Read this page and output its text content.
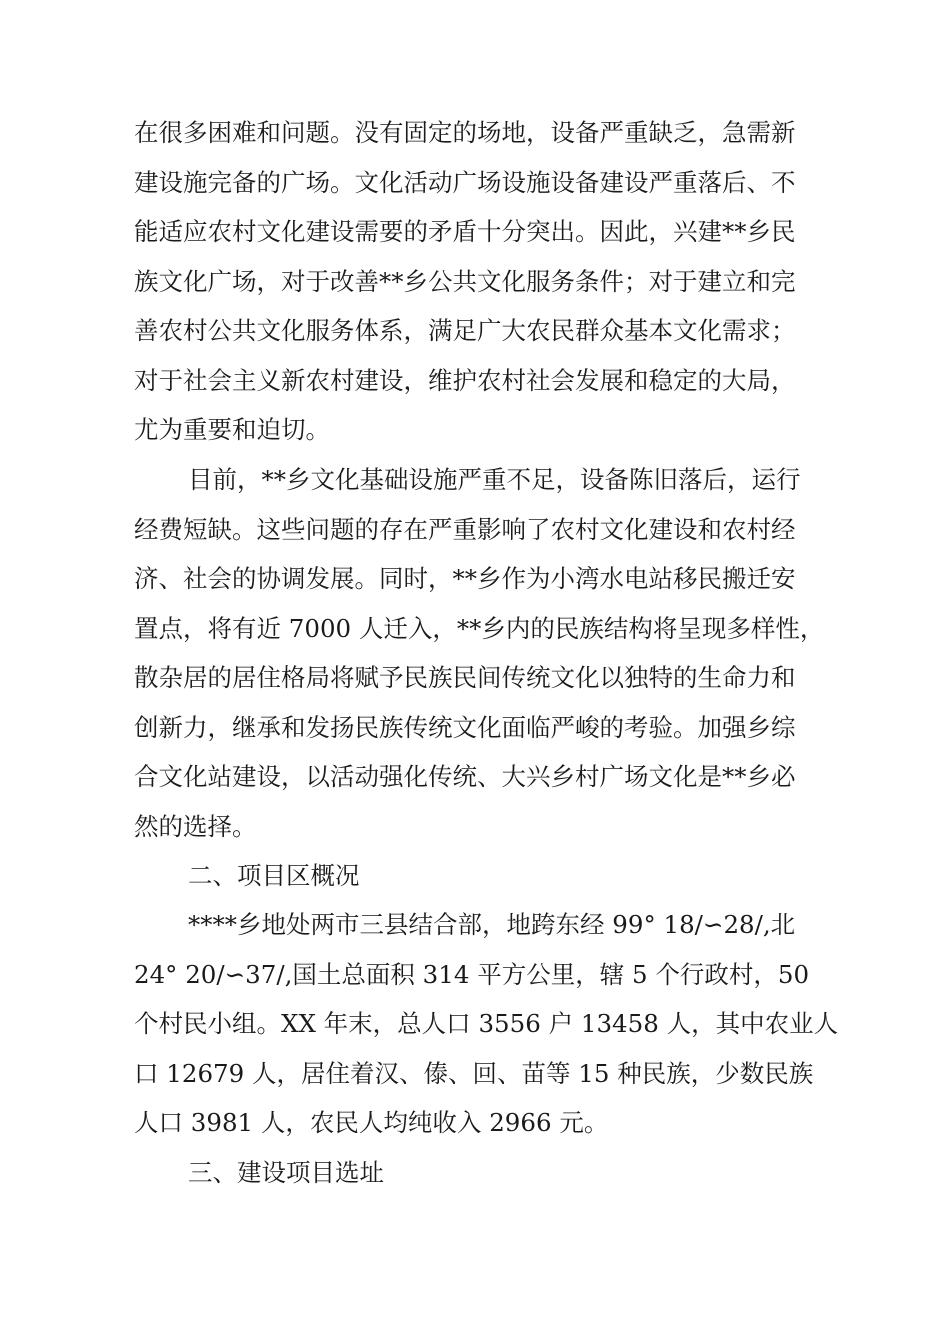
在很多困难和问题。没有固定的场地，设备严重缺乏，急需新
建设施完备的广场。文化活动广场设施设备建设严重落后、不
能适应农村文化建设需要的矛盾十分突出。因此，兴建**乡民
族文化广场，对于改善**乡公共文化服务条件；对于建立和完
善农村公共文化服务体系，满足广大农民群众基本文化需求；
对于社会主义新农村建设，维护农村社会发展和稳定的大局，
尤为重要和迫切。
目前，**乡文化基础设施严重不足，设备陈旧落后，运行
经费短缺。这些问题的存在严重影响了农村文化建设和农村经
济、社会的协调发展。同时，**乡作为小湾水电站移民搬迁安
置点，将有近 7000 人迁入，**乡内的民族结构将呈现多样性，
散杂居的居住格局将赋予民族民间传统文化以独特的生命力和
创新力，继承和发扬民族传统文化面临严峻的考验。加强乡综
合文化站建设，以活动强化传统、大兴乡村广场文化是**乡必
然的选择。
二、项目区概况
****乡地处两市三县结合部，地跨东经 99° 18/∽28/,北
24° 20/∽37/,国土总面积 314 平方公里，辖 5 个行政村，50
个村民小组。XX 年末，总人口 3556 户 13458 人，其中农业人
口 12679 人，居住着汉、傣、回、苗等 15 种民族，少数民族
人口 3981 人，农民人均纯收入 2966 元。
三、建设项目选址
